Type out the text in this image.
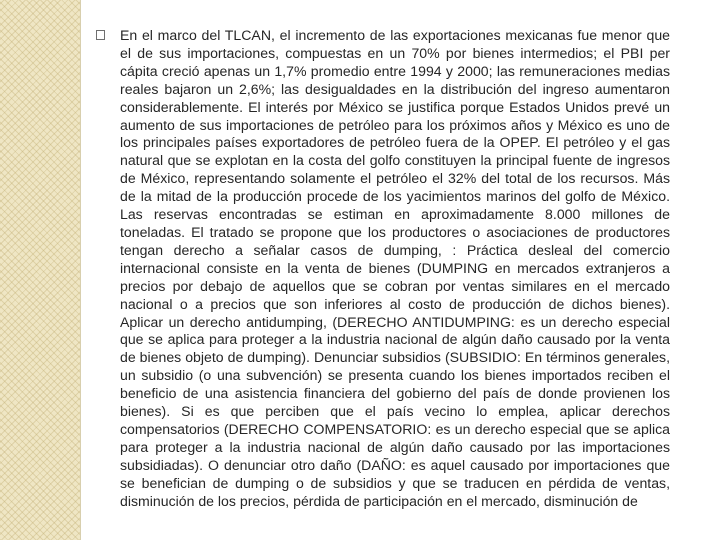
En el marco del TLCAN, el incremento de las exportaciones mexicanas fue menor que el de sus importaciones, compuestas en un 70% por bienes intermedios; el PBI per cápita creció apenas un 1,7% promedio entre 1994 y 2000; las remuneraciones medias reales bajaron un 2,6%; las desigualdades en la distribución del ingreso aumentaron considerablemente. El interés por México se justifica porque Estados Unidos prevé un aumento de sus importaciones de petróleo para los próximos años y México es uno de los principales países exportadores de petróleo fuera de la OPEP. El petróleo y el gas natural que se explotan en la costa del golfo constituyen la principal fuente de ingresos de México, representando solamente el petróleo el 32% del total de los recursos. Más de la mitad de la producción procede de los yacimientos marinos del golfo de México. Las reservas encontradas se estiman en aproximadamente 8.000 millones de toneladas. El tratado se propone que los productores o asociaciones de productores tengan derecho a señalar casos de dumping, : Práctica desleal del comercio internacional consiste en la venta de bienes (DUMPING en mercados extranjeros a precios por debajo de aquellos que se cobran por ventas similares en el mercado nacional o a precios que son inferiores al costo de producción de dichos bienes). Aplicar un derecho antidumping, (DERECHO ANTIDUMPING: es un derecho especial que se aplica para proteger a la industria nacional de algún daño causado por la venta de bienes objeto de dumping). Denunciar subsidios (SUBSIDIO: En términos generales, un subsidio (o una subvención) se presenta cuando los bienes importados reciben el beneficio de una asistencia financiera del gobierno del país de donde provienen los bienes). Si es que perciben que el país vecino lo emplea, aplicar derechos compensatorios (DERECHO COMPENSATORIO: es un derecho especial que se aplica para proteger a la industria nacional de algún daño causado por las importaciones subsidiadas). O denunciar otro daño (DAÑO: es aquel causado por importaciones que se benefician de dumping o de subsidios y que se traducen en pérdida de ventas, disminución de los precios, pérdida de participación en el mercado, disminución de
